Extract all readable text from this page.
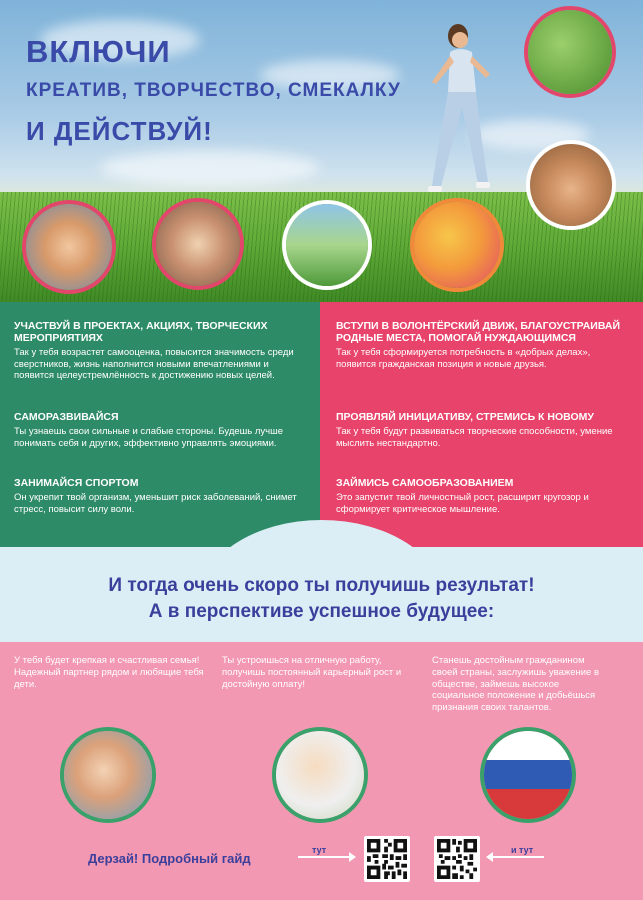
ВКЛЮЧИ
КРЕАТИВ, ТВОРЧЕСТВО, СМЕКАЛКУ
И ДЕЙСТВУЙ!
УЧАСТВУЙ В ПРОЕКТАХ, АКЦИЯХ, ТВОРЧЕСКИХ МЕРОПРИЯТИЯХ
Так у тебя возрастет самооценка, повысится значимость среди сверстников, жизнь наполнится новыми впечатлениями и появится целеустремлённость к достижению новых целей.
САМОРАЗВИВАЙСЯ
Ты узнаешь свои сильные и слабые стороны. Будешь лучше понимать себя и других, эффективно управлять эмоциями.
ЗАНИМАЙСЯ СПОРТОМ
Он укрепит твой организм, уменьшит риск заболеваний, снимет стресс, повысит силу воли.
ВСТУПИ В ВОЛОНТЁРСКИЙ ДВИЖ, БЛАГОУСТРАИВАЙ РОДНЫЕ МЕСТА, ПОМОГАЙ НУЖДАЮЩИМСЯ
Так у тебя сформируется потребность в «добрых делах», появится гражданская позиция и новые друзья.
ПРОЯВЛЯЙ ИНИЦИАТИВУ, СТРЕМИСЬ К НОВОМУ
Так у тебя будут развиваться творческие способности, умение мыслить нестандартно.
ЗАЙМИСЬ САМООБРАЗОВАНИЕМ
Это запустит твой личностный рост, расширит кругозор и сформирует критическое мышление.
И тогда очень скоро ты получишь результат!
А в перспективе успешное будущее:
У тебя будет крепкая и счастливая семья! Надежный партнер рядом и любящие тебя дети.
Ты устроишься на отличную работу, получишь постоянный карьерный рост и достойную оплату!
Станешь достойным гражданином своей страны, заслужишь уважение в обществе, займешь высокое социальное положение и добьёшься признания своих талантов.
Дерзай! Подробный гайд
тут	и тут
